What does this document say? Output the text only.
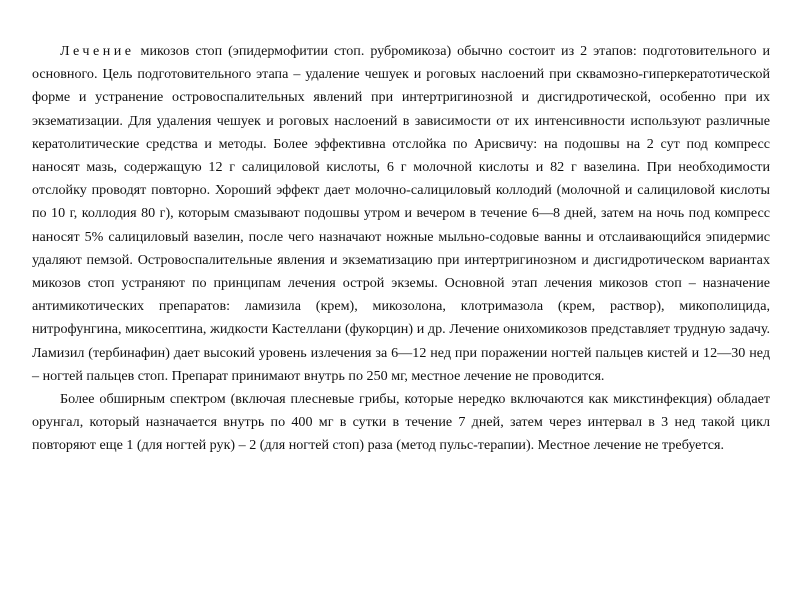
Лечение микозов стоп (эпидермофитии стоп. рубромикоза) обычно состоит из 2 этапов: подготовительного и основного. Цель подготовительного этапа – удаление чешуек и роговых наслоений при сквамозно-гиперкератотической форме и устранение островоспалительных явлений при интертригинозной и дисгидротической, особенно при их экзематизации. Для удаления чешуек и роговых наслоений в зависимости от их интенсивности используют различные кератолитические средства и методы. Более эффективна отслойка по Арисвичу: на подошвы на 2 сут под компресс наносят мазь, содержащую 12 г салициловой кислоты, 6 г молочной кислоты и 82 г вазелина. При необходимости отслойку проводят повторно. Хороший эффект дает молочно-салициловый коллодий (молочной и салициловой кислоты по 10 г, коллодия 80 г), которым смазывают подошвы утром и вечером в течение 6—8 дней, затем на ночь под компресс наносят 5% салициловый вазелин, после чего назначают ножные мыльно-содовые ванны и отслаивающийся эпидермис удаляют пемзой. Островоспалительные явления и экзематизацию при интертригинозном и дисгидротическом вариантах микозов стоп устраняют по принципам лечения острой экземы. Основной этап лечения микозов стоп – назначение антимикотических препаратов: ламизила (крем), микозолона, клотримазола (крем, раствор), микополицида, нитрофунгина, микосептина, жидкости Кастеллани (фукорцин) и др. Лечение онихомикозов представляет трудную задачу. Ламизил (тербинафин) дает высокий уровень излечения за 6—12 нед при поражении ногтей пальцев кистей и 12—30 нед – ногтей пальцев стоп. Препарат принимают внутрь по 250 мг, местное лечение не проводится.

Более обширным спектром (включая плесневые грибы, которые нередко включаются как микстинфекция) обладает орунгал, который назначается внутрь по 400 мг в сутки в течение 7 дней, затем через интервал в 3 нед такой цикл повторяют еще 1 (для ногтей рук) – 2 (для ногтей стоп) раза (метод пульс-терапии). Местное лечение не требуется.
